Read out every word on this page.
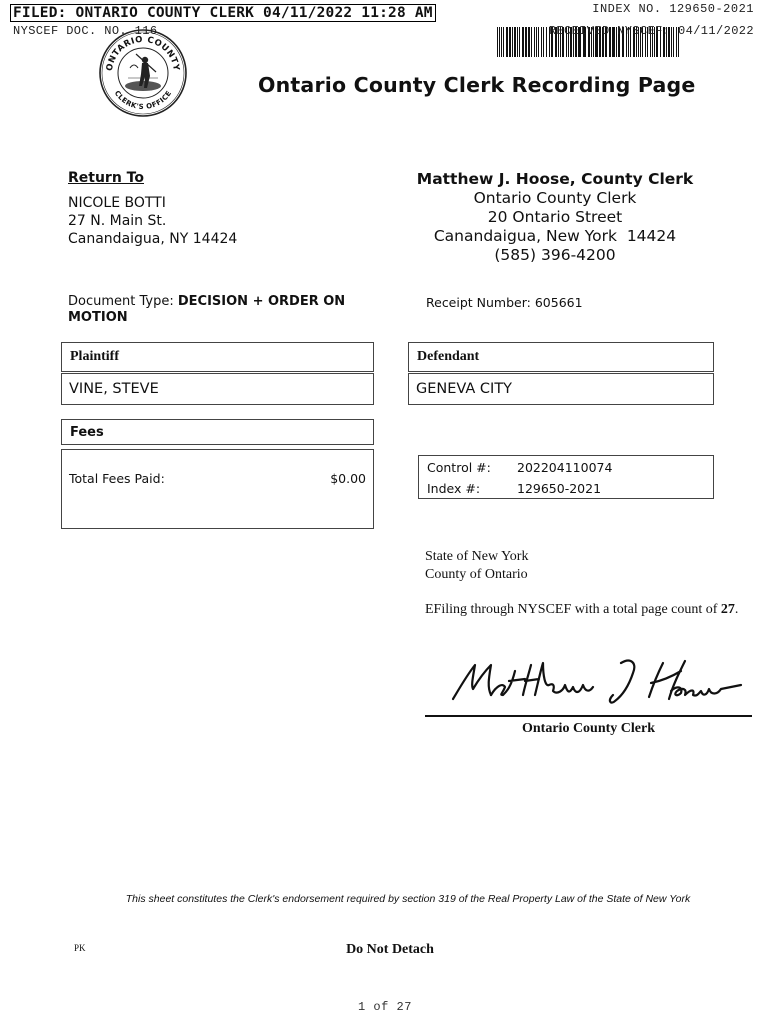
FILED: ONTARIO COUNTY CLERK 04/11/2022 11:28 AM	INDEX NO. 129650-2021
NYSCEF DOC. NO. 116	RECEIVED NYSCEF: 04/11/2022
ONTARIO COUNTY
CLERK'S OFFICE	Ontario County Clerk Recording Page
Return To
NICOLE BOTTI
27 N. Main St.
Canandaigua, NY 14424
Matthew J. Hoose, County Clerk
Ontario County Clerk
20 Ontario Street
Canandaigua, New York  14424
(585) 396-4200
Document Type: DECISION + ORDER ON MOTION
Receipt Number: 605661
Plaintiff
VINE, STEVE
Defendant
GENEVA CITY
Fees
Total Fees Paid:	$0.00
Control #: 202204110074
Index #:	129650-2021
State of New York
County of Ontario
EFiling through NYSCEF with a total page count of 27.
Ontario County Clerk
This sheet constitutes the Clerk's endorsement required by section 319 of the Real Property Law of the State of New York
PK	Do Not Detach
1 of 27
